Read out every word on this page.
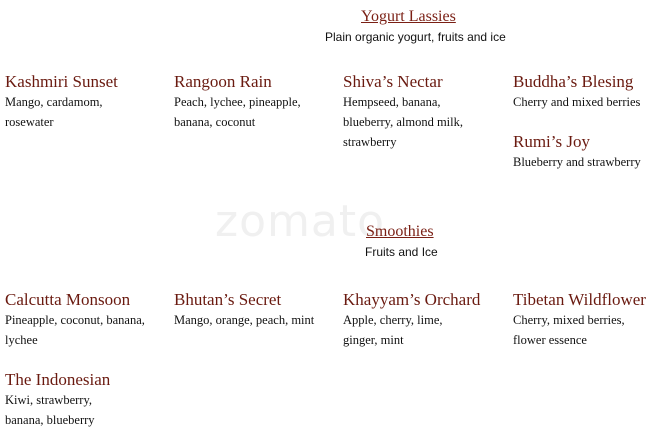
zomato
Yogurt Lassies
Plain organic yogurt, fruits and ice
Kashmiri Sunset
Mango, cardamom, rosewater
Rangoon Rain
Peach, lychee, pineapple, banana, coconut
Shiva’s Nectar
Hempseed, banana, blueberry, almond milk, strawberry
Buddha’s Blesing
Cherry and mixed berries
Rumi’s Joy
Blueberry and strawberry
Smoothies
Fruits and Ice
Calcutta Monsoon
Pineapple, coconut, banana, lychee
Bhutan’s Secret
Mango, orange, peach, mint
Khayyam’s Orchard
Apple, cherry, lime, ginger, mint
Tibetan Wildflower
Cherry, mixed berries, flower essence
The Indonesian
Kiwi, strawberry, banana, blueberry
